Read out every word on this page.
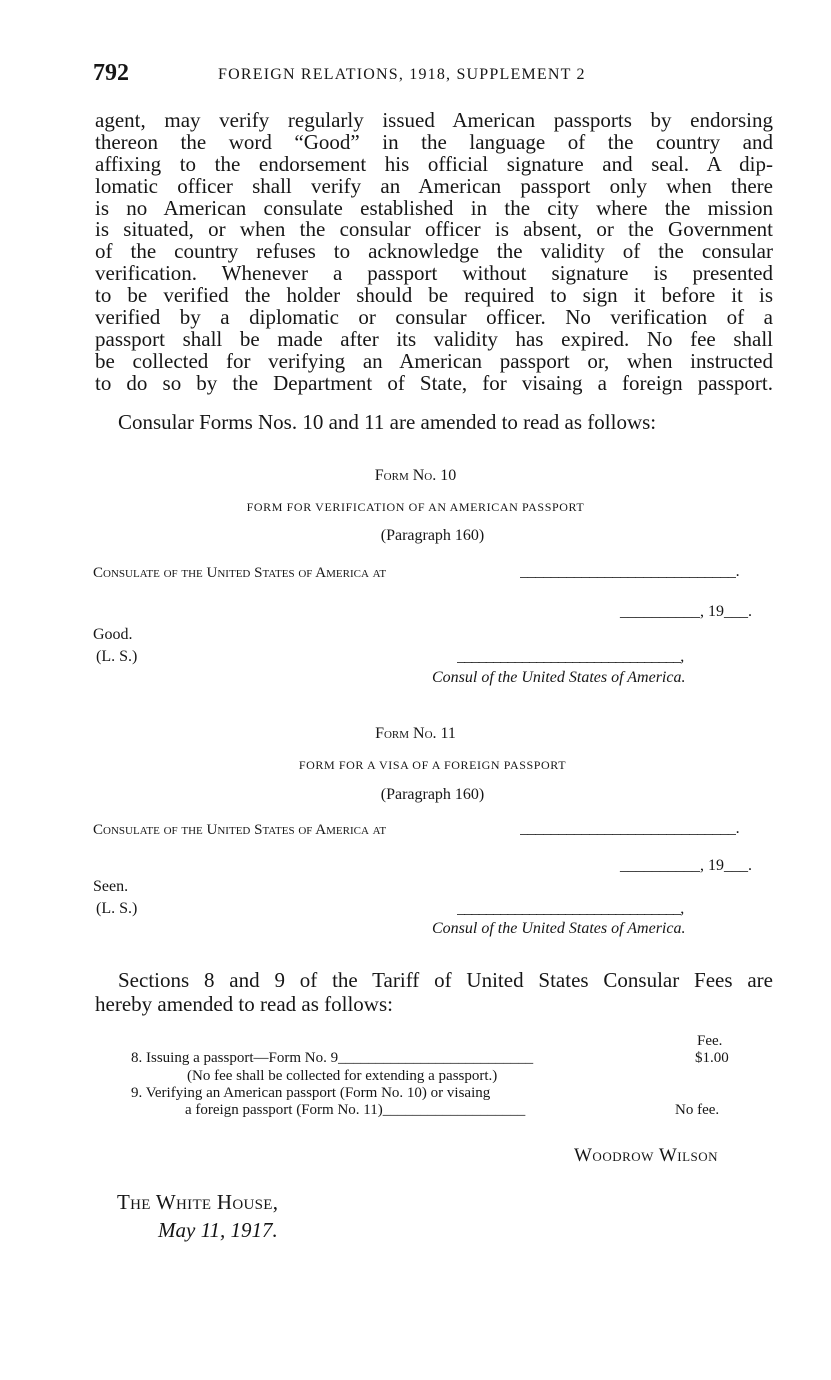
792	FOREIGN RELATIONS, 1918, SUPPLEMENT 2
agent, may verify regularly issued American passports by endorsing
thereon the word “Good” in the language of the country and
affixing to the endorsement his official signature and seal. A dip-
lomatic officer shall verify an American passport only when there
is no American consulate established in the city where the mission
is situated, or when the consular officer is absent, or the Government
of the country refuses to acknowledge the validity of the consular
verification. Whenever a passport without signature is presented
to be verified the holder should be required to sign it before it is
verified by a diplomatic or consular officer. No verification of a
passport shall be made after its validity has expired. No fee shall
be collected for verifying an American passport or, when instructed
to do so by the Department of State, for visaing a foreign passport.
Consular Forms Nos. 10 and 11 are amended to read as follows:
Form No. 10
FORM FOR VERIFICATION OF AN AMERICAN PASSPORT
(Paragraph 160)
Consulate of the United States of America at	____________________________.
__________, 19___.
Good.
(L. S.)	_______________________________,
Consul of the United States of America.
Form No. 11
FORM FOR A VISA OF A FOREIGN PASSPORT
(Paragraph 160)
Consulate of the United States of America at	____________________________.
__________, 19___.
Seen.
(L. S.)	_______________________________,
Consul of the United States of America.
Sections 8 and 9 of the Tariff of United States Consular Fees are
hereby amended to read as follows:
Fee.
8. Issuing a passport—Form No. 9__________________________	$1.00
(No fee shall be collected for extending a passport.)
9. Verifying an American passport (Form No. 10) or visaing
a foreign passport (Form No. 11)___________________	No fee.
Woodrow Wilson
The White House,
May 11, 1917.
